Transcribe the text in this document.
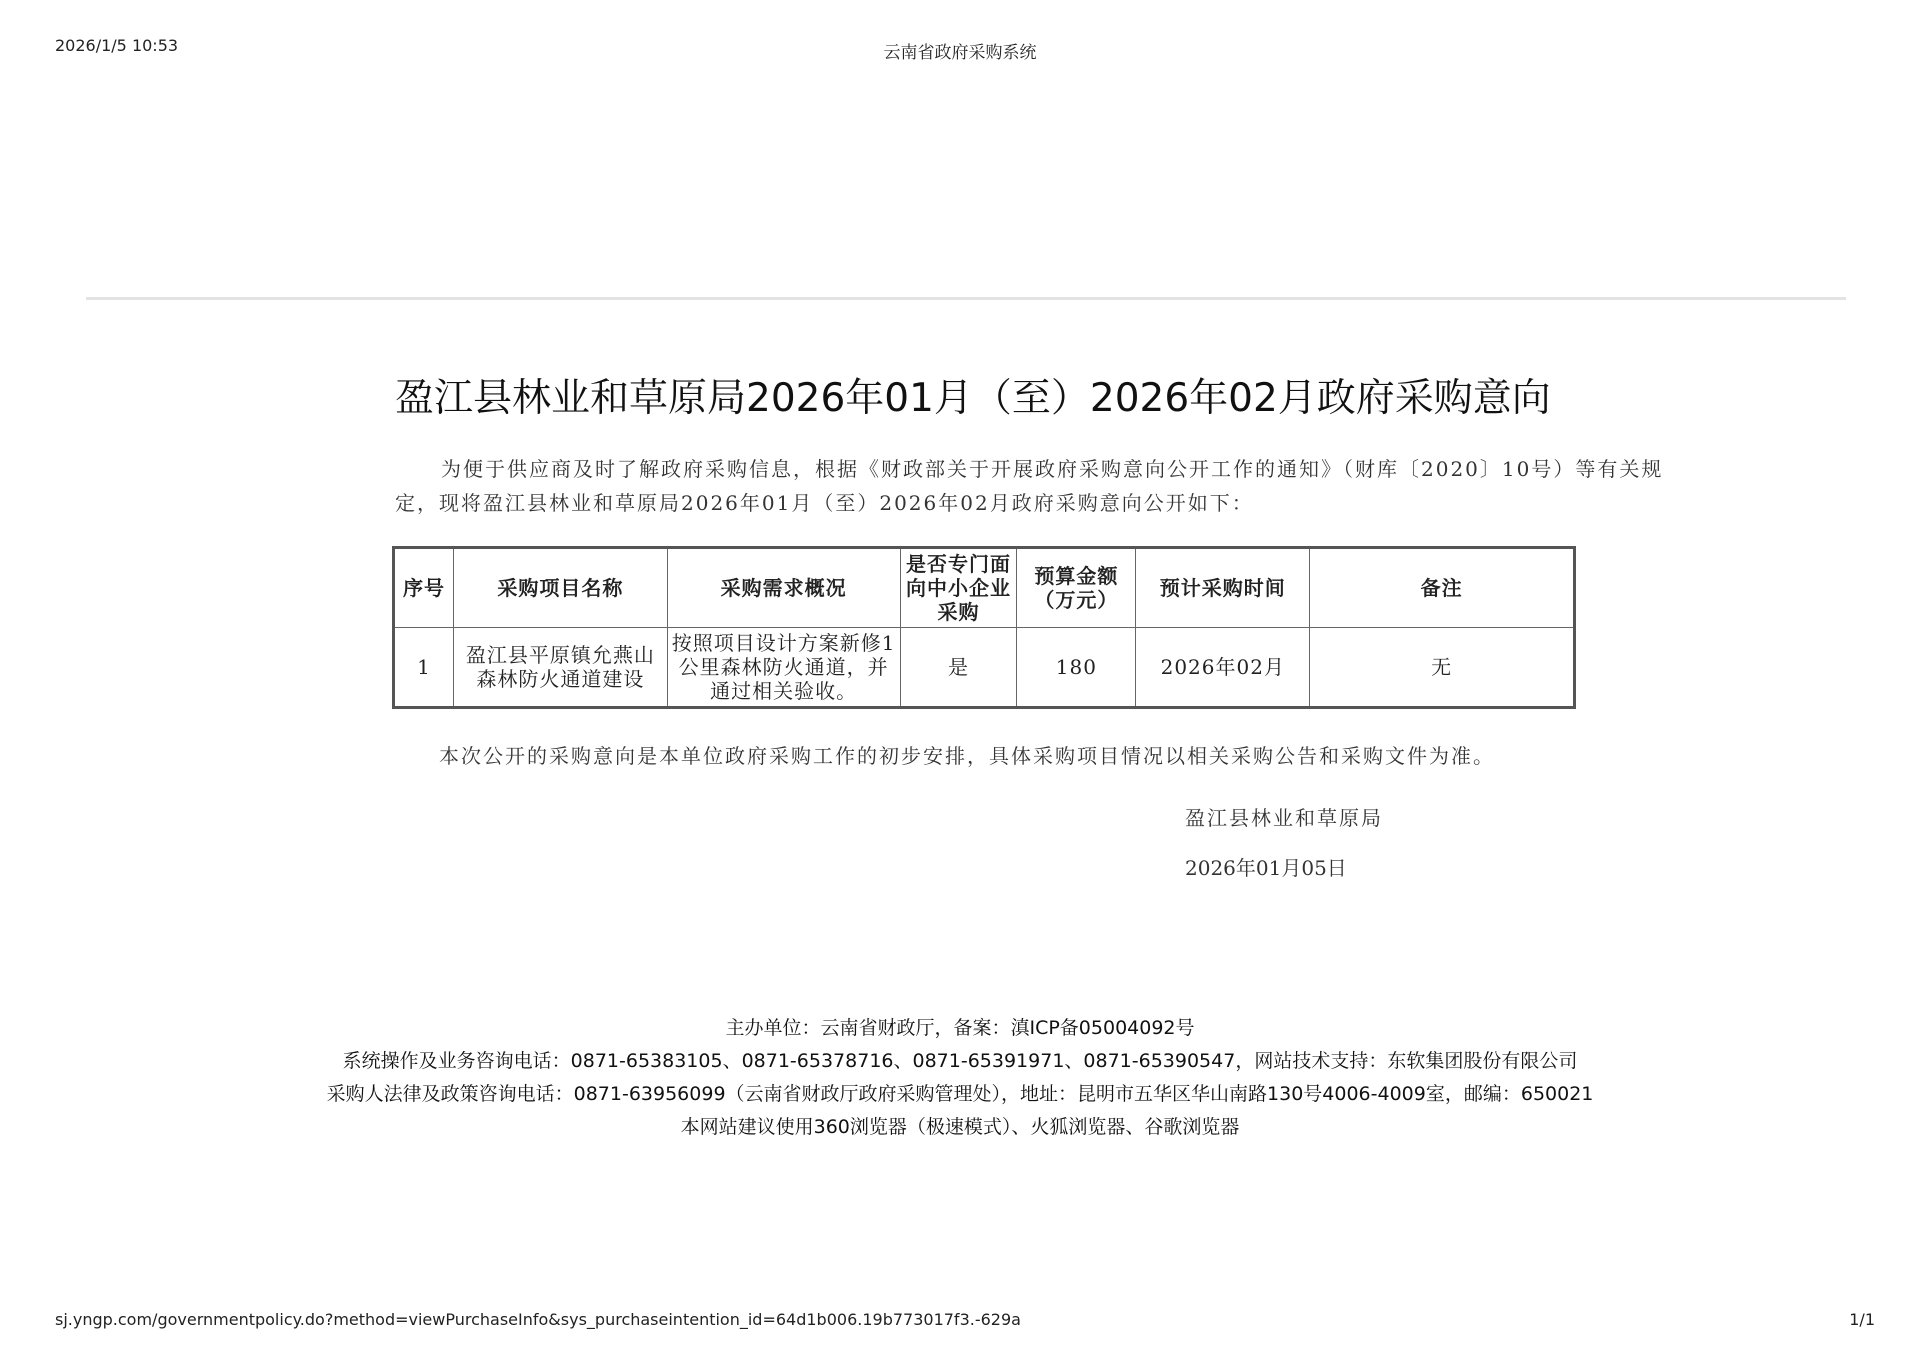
2026/1/5 10:53	云南省政府采购系统
盈江县林业和草原局2026年01月（至）2026年02月政府采购意向

为便于供应商及时了解政府采购信息，根据《财政部关于开展政府采购意向公开工作的通知》（财库〔2020〕10号）等有关规定，现将盈江县林业和草原局2026年01月（至）2026年02月政府采购意向公开如下：

序号	采购项目名称	采购需求概况	是否专门面向中小企业采购	预算金额（万元）	预计采购时间	备注
1	盈江县平原镇允燕山森林防火通道建设	按照项目设计方案新修1公里森林防火通道，并通过相关验收。	是	180	2026年02月	无
本次公开的采购意向是本单位政府采购工作的初步安排，具体采购项目情况以相关采购公告和采购文件为准。
盈江县林业和草原局
2026年01月05日
主办单位：云南省财政厅，备案：滇ICP备05004092号
系统操作及业务咨询电话：0871-65383105、0871-65378716、0871-65391971、0871-65390547，网站技术支持：东软集团股份有限公司
采购人法律及政策咨询电话：0871-63956099（云南省财政厅政府采购管理处），地址：昆明市五华区华山南路130号4006-4009室，邮编：650021
本网站建议使用360浏览器（极速模式）、火狐浏览器、谷歌浏览器
sj.yngp.com/governmentpolicy.do?method=viewPurchaseInfo&sys_purchaseintention_id=64d1b006.19b773017f3.-629a	1/1
